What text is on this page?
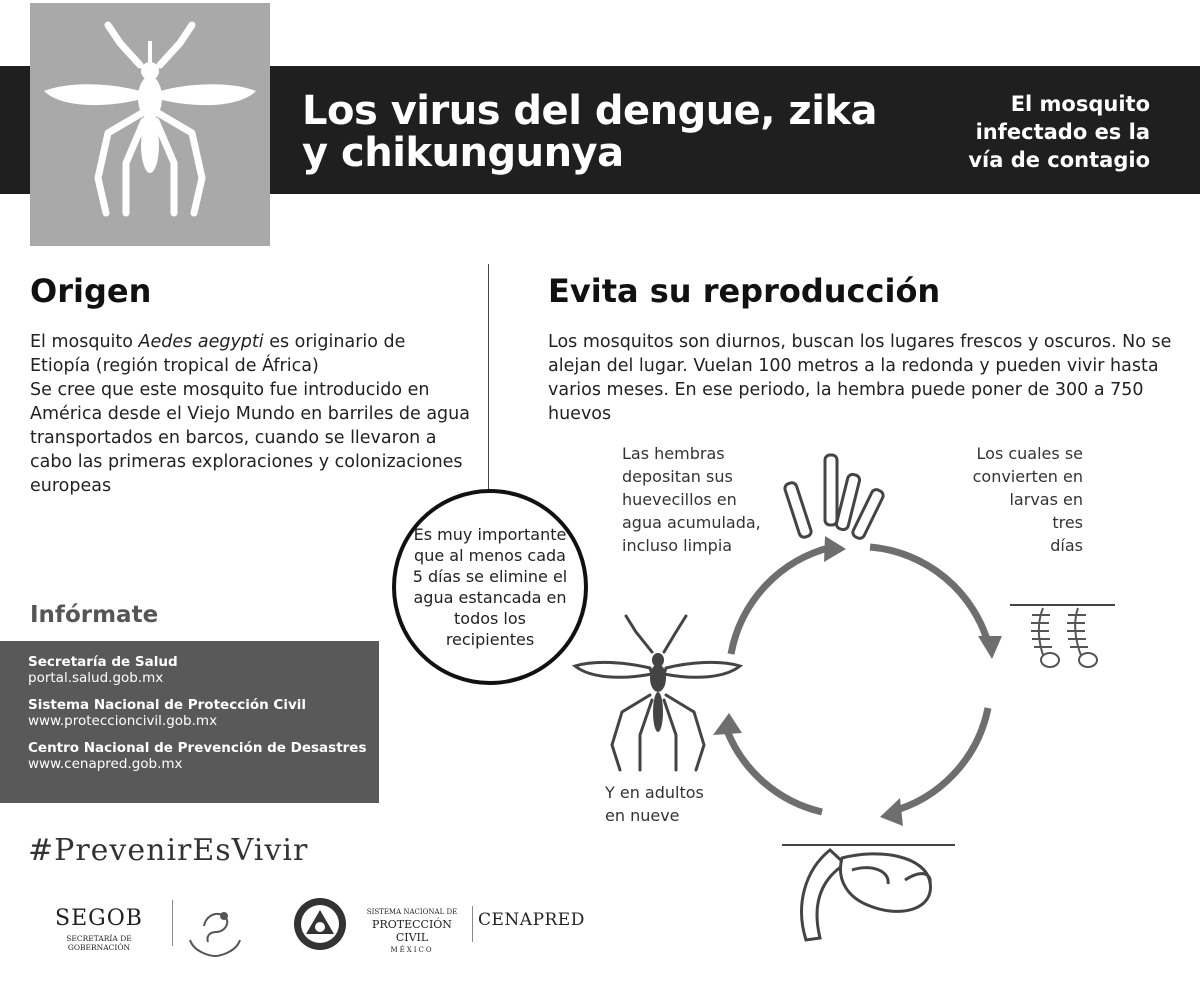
Los virus del dengue, zika
y chikungunya
El mosquito
infectado es la
vía de contagio
Origen
El mosquito Aedes aegypti es originario de Etiopía (región tropical de África)
Se cree que este mosquito fue introducido en América desde el Viejo Mundo en barriles de agua transportados en barcos, cuando se llevaron a cabo las primeras exploraciones y colonizaciones europeas
Evita su reproducción
Los mosquitos son diurnos, buscan los lugares frescos y oscuros. No se alejan del lugar. Vuelan 100 metros a la redonda y pueden vivir hasta varios meses. En ese periodo, la hembra puede poner de 300 a 750 huevos
Las hembras
depositan sus
huevecillos en
agua acumulada,
incluso limpia
Los cuales se
convierten en
larvas en
tres
días
Y en adultos
en nueve
Es muy importante que al menos cada 5 días se elimine el agua estancada en todos los recipientes
Infórmate
Secretaría de Salud
portal.salud.gob.mx
Sistema Nacional de Protección Civil
www.proteccioncivil.gob.mx
Centro Nacional de Prevención de Desastres
www.cenapred.gob.mx
#PrevenirEsVivir
SEGOB
SECRETARÍA DE GOBERNACIÓN
SISTEMA NACIONAL DE
PROTECCIÓN CIVIL
MÉXICO
CENAPRED
